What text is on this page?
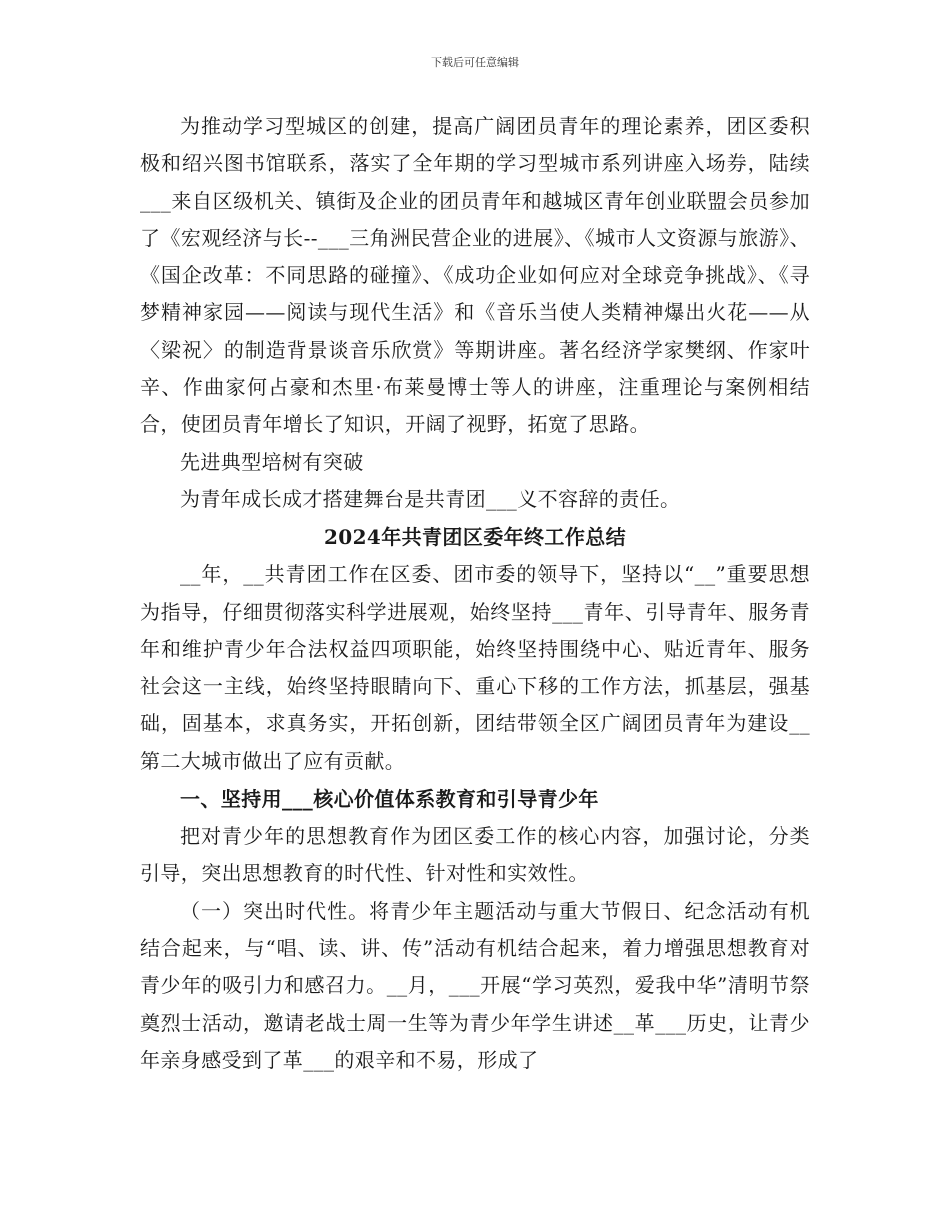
下载后可任意编辑

为推动学习型城区的创建，提高广阔团员青年的理论素养，团区委积极和绍兴图书馆联系，落实了全年期的学习型城市系列讲座入场券，陆续___来自区级机关、镇街及企业的团员青年和越城区青年创业联盟会员参加了《宏观经济与长--___三角洲民营企业的进展》、《城市人文资源与旅游》、《国企改革：不同思路的碰撞》、《成功企业如何应对全球竞争挑战》、《寻梦精神家园——阅读与现代生活》和《音乐当使人类精神爆出火花——从〈梁祝〉的制造背景谈音乐欣赏》等期讲座。著名经济学家樊纲、作家叶辛、作曲家何占豪和杰里·布莱曼博士等人的讲座，注重理论与案例相结合，使团员青年增长了知识，开阔了视野，拓宽了思路。

先进典型培树有突破

为青年成长成才搭建舞台是共青团___义不容辞的责任。

2024年共青团区委年终工作总结

__年，__共青团工作在区委、团市委的领导下，坚持以“__”重要思想为指导，仔细贯彻落实科学进展观，始终坚持___青年、引导青年、服务青年和维护青少年合法权益四项职能，始终坚持围绕中心、贴近青年、服务社会这一主线，始终坚持眼睛向下、重心下移的工作方法，抓基层，强基础，固基本，求真务实，开拓创新，团结带领全区广阔团员青年为建设__第二大城市做出了应有贡献。

一、坚持用___核心价值体系教育和引导青少年

把对青少年的思想教育作为团区委工作的核心内容，加强讨论，分类引导，突出思想教育的时代性、针对性和实效性。

（一）突出时代性。将青少年主题活动与重大节假日、纪念活动有机结合起来，与“唱、读、讲、传”活动有机结合起来，着力增强思想教育对青少年的吸引力和感召力。__月，___开展“学习英烈，爱我中华”清明节祭奠烈士活动，邀请老战士周一生等为青少年学生讲述__革___历史，让青少年亲身感受到了革___的艰辛和不易，形成了
